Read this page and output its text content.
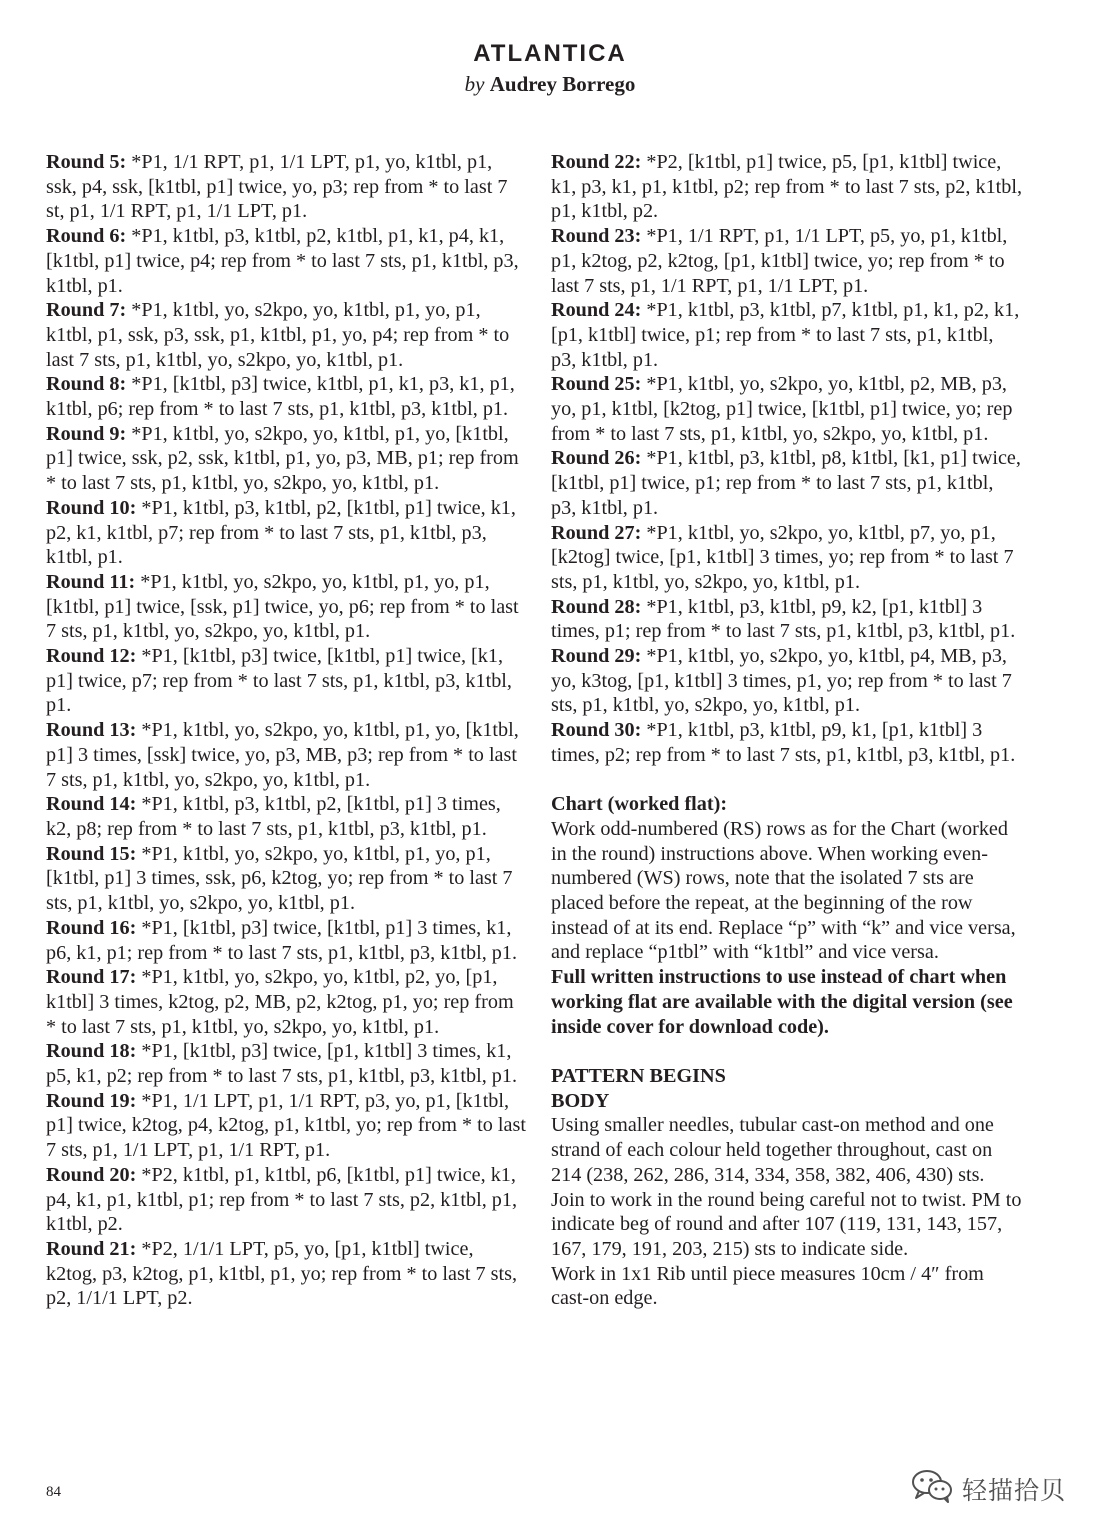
ATLANTICA
by Audrey Borrego

Round 5: *P1, 1/1 RPT, p1, 1/1 LPT, p1, yo, k1tbl, p1, ssk, p4, ssk, [k1tbl, p1] twice, yo, p3; rep from * to last 7 st, p1, 1/1 RPT, p1, 1/1 LPT, p1.

Round 6: *P1, k1tbl, p3, k1tbl, p2, k1tbl, p1, k1, p4, k1, [k1tbl, p1] twice, p4; rep from * to last 7 sts, p1, k1tbl, p3, k1tbl, p1.

Round 7: *P1, k1tbl, yo, s2kpo, yo, k1tbl, p1, yo, p1, k1tbl, p1, ssk, p3, ssk, p1, k1tbl, p1, yo, p4; rep from * to last 7 sts, p1, k1tbl, yo, s2kpo, yo, k1tbl, p1.

Round 8: *P1, [k1tbl, p3] twice, k1tbl, p1, k1, p3, k1, p1, k1tbl, p6; rep from * to last 7 sts, p1, k1tbl, p3, k1tbl, p1.

Round 9: *P1, k1tbl, yo, s2kpo, yo, k1tbl, p1, yo, [k1tbl, p1] twice, ssk, p2, ssk, k1tbl, p1, yo, p3, MB, p1; rep from * to last 7 sts, p1, k1tbl, yo, s2kpo, yo, k1tbl, p1.

Round 10: *P1, k1tbl, p3, k1tbl, p2, [k1tbl, p1] twice, k1, p2, k1, k1tbl, p7; rep from * to last 7 sts, p1, k1tbl, p3, k1tbl, p1.

Round 11: *P1, k1tbl, yo, s2kpo, yo, k1tbl, p1, yo, p1, [k1tbl, p1] twice, [ssk, p1] twice, yo, p6; rep from * to last 7 sts, p1, k1tbl, yo, s2kpo, yo, k1tbl, p1.

Round 12: *P1, [k1tbl, p3] twice, [k1tbl, p1] twice, [k1, p1] twice, p7; rep from * to last 7 sts, p1, k1tbl, p3, k1tbl, p1.

Round 13: *P1, k1tbl, yo, s2kpo, yo, k1tbl, p1, yo, [k1tbl, p1] 3 times, [ssk] twice, yo, p3, MB, p3; rep from * to last 7 sts, p1, k1tbl, yo, s2kpo, yo, k1tbl, p1.

Round 14: *P1, k1tbl, p3, k1tbl, p2, [k1tbl, p1] 3 times, k2, p8; rep from * to last 7 sts, p1, k1tbl, p3, k1tbl, p1.

Round 15: *P1, k1tbl, yo, s2kpo, yo, k1tbl, p1, yo, p1, [k1tbl, p1] 3 times, ssk, p6, k2tog, yo; rep from * to last 7 sts, p1, k1tbl, yo, s2kpo, yo, k1tbl, p1.

Round 16: *P1, [k1tbl, p3] twice, [k1tbl, p1] 3 times, k1, p6, k1, p1; rep from * to last 7 sts, p1, k1tbl, p3, k1tbl, p1.

Round 17: *P1, k1tbl, yo, s2kpo, yo, k1tbl, p2, yo, [p1, k1tbl] 3 times, k2tog, p2, MB, p2, k2tog, p1, yo; rep from * to last 7 sts, p1, k1tbl, yo, s2kpo, yo, k1tbl, p1.

Round 18: *P1, [k1tbl, p3] twice, [p1, k1tbl] 3 times, k1, p5, k1, p2; rep from * to last 7 sts, p1, k1tbl, p3, k1tbl, p1.

Round 19: *P1, 1/1 LPT, p1, 1/1 RPT, p3, yo, p1, [k1tbl, p1] twice, k2tog, p4, k2tog, p1, k1tbl, yo; rep from * to last 7 sts, p1, 1/1 LPT, p1, 1/1 RPT, p1.

Round 20: *P2, k1tbl, p1, k1tbl, p6, [k1tbl, p1] twice, k1, p4, k1, p1, k1tbl, p1; rep from * to last 7 sts, p2, k1tbl, p1, k1tbl, p2.

Round 21: *P2, 1/1/1 LPT, p5, yo, [p1, k1tbl] twice, k2tog, p3, k2tog, p1, k1tbl, p1, yo; rep from * to last 7 sts, p2, 1/1/1 LPT, p2.

Round 22: *P2, [k1tbl, p1] twice, p5, [p1, k1tbl] twice, k1, p3, k1, p1, k1tbl, p2; rep from * to last 7 sts, p2, k1tbl, p1, k1tbl, p2.

Round 23: *P1, 1/1 RPT, p1, 1/1 LPT, p5, yo, p1, k1tbl, p1, k2tog, p2, k2tog, [p1, k1tbl] twice, yo; rep from * to last 7 sts, p1, 1/1 RPT, p1, 1/1 LPT, p1.

Round 24: *P1, k1tbl, p3, k1tbl, p7, k1tbl, p1, k1, p2, k1, [p1, k1tbl] twice, p1; rep from * to last 7 sts, p1, k1tbl, p3, k1tbl, p1.

Round 25: *P1, k1tbl, yo, s2kpo, yo, k1tbl, p2, MB, p3, yo, p1, k1tbl, [k2tog, p1] twice, [k1tbl, p1] twice, yo; rep from * to last 7 sts, p1, k1tbl, yo, s2kpo, yo, k1tbl, p1.

Round 26: *P1, k1tbl, p3, k1tbl, p8, k1tbl, [k1, p1] twice, [k1tbl, p1] twice, p1; rep from * to last 7 sts, p1, k1tbl, p3, k1tbl, p1.

Round 27: *P1, k1tbl, yo, s2kpo, yo, k1tbl, p7, yo, p1, [k2tog] twice, [p1, k1tbl] 3 times, yo; rep from * to last 7 sts, p1, k1tbl, yo, s2kpo, yo, k1tbl, p1.

Round 28: *P1, k1tbl, p3, k1tbl, p9, k2, [p1, k1tbl] 3 times, p1; rep from * to last 7 sts, p1, k1tbl, p3, k1tbl, p1.

Round 29: *P1, k1tbl, yo, s2kpo, yo, k1tbl, p4, MB, p3, yo, k3tog, [p1, k1tbl] 3 times, p1, yo; rep from * to last 7 sts, p1, k1tbl, yo, s2kpo, yo, k1tbl, p1.

Round 30: *P1, k1tbl, p3, k1tbl, p9, k1, [p1, k1tbl] 3 times, p2; rep from * to last 7 sts, p1, k1tbl, p3, k1tbl, p1.

Chart (worked flat):

Work odd-numbered (RS) rows as for the Chart (worked in the round) instructions above. When working even-numbered (WS) rows, note that the isolated 7 sts are placed before the repeat, at the beginning of the row instead of at its end. Replace “p” with “k” and vice versa, and replace “p1tbl” with “k1tbl” and vice versa.

Full written instructions to use instead of chart when working flat are available with the digital version (see inside cover for download code).

PATTERN BEGINS

BODY

Using smaller needles, tubular cast-on method and one strand of each colour held together throughout, cast on 214 (238, 262, 286, 314, 334, 358, 382, 406, 430) sts. Join to work in the round being careful not to twist. PM to indicate beg of round and after 107 (119, 131, 143, 157, 167, 179, 191, 203, 215) sts to indicate side.

Work in 1x1 Rib until piece measures 10cm / 4″ from cast-on edge.

84	轻描拾贝
